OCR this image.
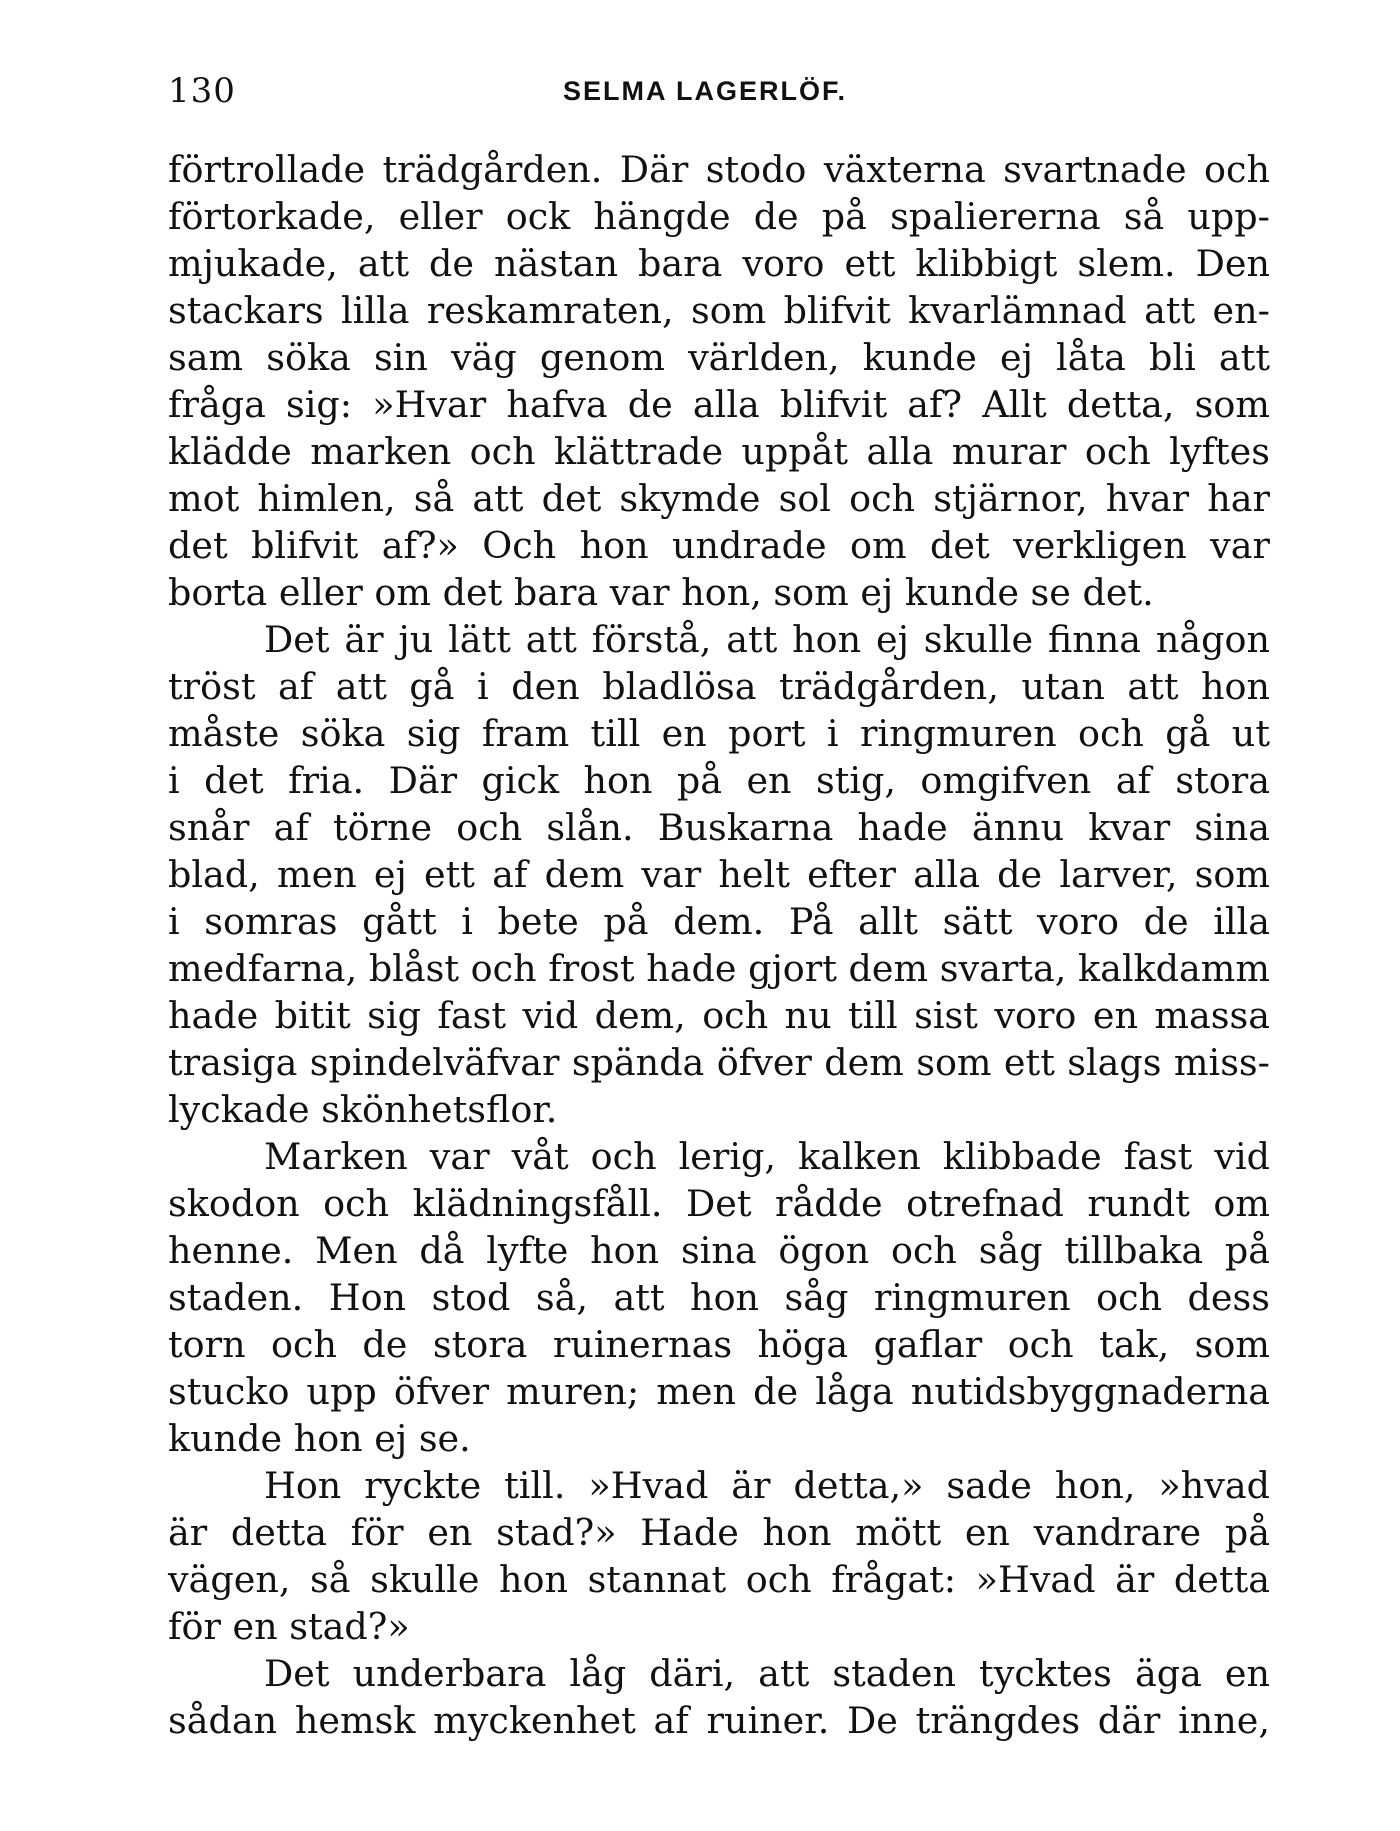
130	SELMA LAGERLÖF.
förtrollade trädgården. Där stodo växterna svartnade och
förtorkade, eller ock hängde de på spaliererna så upp-
mjukade, att de nästan bara voro ett klibbigt slem. Den
stackars lilla reskamraten, som blifvit kvarlämnad att en-
sam söka sin väg genom världen, kunde ej låta bli att
fråga sig: »Hvar hafva de alla blifvit af? Allt detta, som
klädde marken och klättrade uppåt alla murar och lyftes
mot himlen, så att det skymde sol och stjärnor, hvar har
det blifvit af?» Och hon undrade om det verkligen var
borta eller om det bara var hon, som ej kunde se det.
Det är ju lätt att förstå, att hon ej skulle finna någon
tröst af att gå i den bladlösa trädgården, utan att hon
måste söka sig fram till en port i ringmuren och gå ut
i det fria. Där gick hon på en stig, omgifven af stora
snår af törne och slån. Buskarna hade ännu kvar sina
blad, men ej ett af dem var helt efter alla de larver, som
i somras gått i bete på dem. På allt sätt voro de illa
medfarna, blåst och frost hade gjort dem svarta, kalkdamm
hade bitit sig fast vid dem, och nu till sist voro en massa
trasiga spindelväfvar spända öfver dem som ett slags miss-
lyckade skönhetsflor.
Marken var våt och lerig, kalken klibbade fast vid
skodon och klädningsfåll. Det rådde otrefnad rundt om
henne. Men då lyfte hon sina ögon och såg tillbaka på
staden. Hon stod så, att hon såg ringmuren och dess
torn och de stora ruinernas höga gaflar och tak, som
stucko upp öfver muren; men de låga nutidsbyggnaderna
kunde hon ej se.
Hon ryckte till. »Hvad är detta,» sade hon, »hvad
är detta för en stad?» Hade hon mött en vandrare på
vägen, så skulle hon stannat och frågat: »Hvad är detta
för en stad?»
Det underbara låg däri, att staden tycktes äga en
sådan hemsk myckenhet af ruiner. De trängdes där inne,
